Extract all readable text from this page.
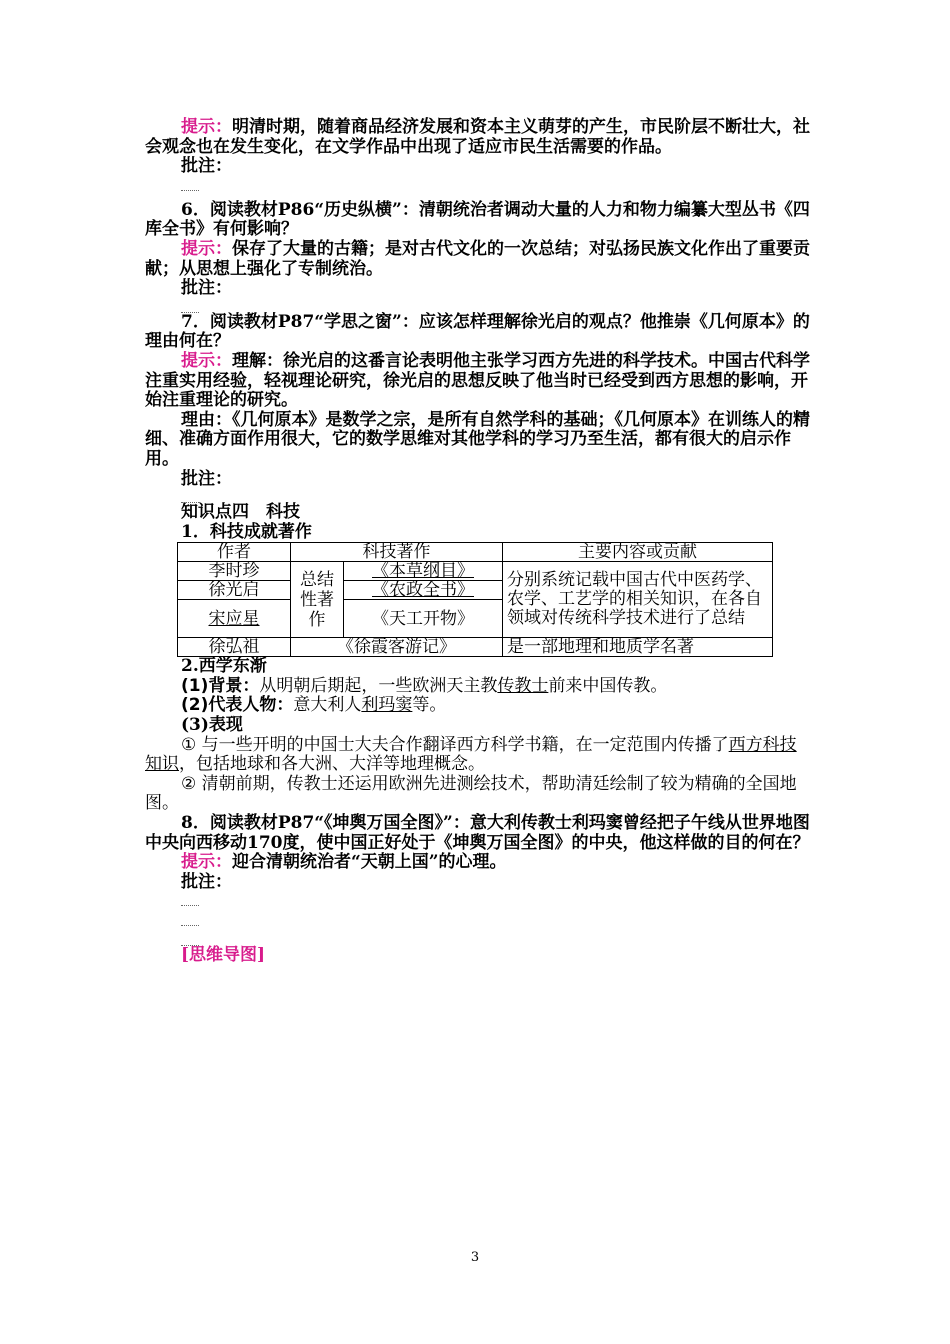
提示：明清时期，随着商品经济发展和资本主义萌芽的产生，市民阶层不断壮大，社会观念也在发生变化，在文学作品中出现了适应市民生活需要的作品。

批注：

6．阅读教材P86“历史纵横”：清朝统治者调动大量的人力和物力编纂大型丛书《四库全书》有何影响？

提示：保存了大量的古籍；是对古代文化的一次总结；对弘扬民族文化作出了重要贡献；从思想上强化了专制统治。

批注：

7．阅读教材P87“学思之窗”：应该怎样理解徐光启的观点？他推崇《几何原本》的理由何在？

提示：理解：徐光启的这番言论表明他主张学习西方先进的科学技术。中国古代科学注重实用经验，轻视理论研究，徐光启的思想反映了他当时已经受到西方思想的影响，开始注重理论的研究。

理由：《几何原本》是数学之宗，是所有自然学科的基础；《几何原本》在训练人的精细、准确方面作用很大，它的数学思维对其他学科的学习乃至生活，都有很大的启示作用。

批注：

知识点四　科技

1．科技成就著作

作者	科技著作		主要内容或贡献
李时珍	总结性著作	《本草纲目》	分别系统记载中国古代中医药学、农学、工艺学的相关知识，在各自领域对传统科学技术进行了总结
徐光启		《农政全书》	
宋应星		《天工开物》	
徐弘祖	《徐霞客游记》		是一部地理和地质学名著

2.西学东渐

(1)背景：从明朝后期起，一些欧洲天主教传教士前来中国传教。

(2)代表人物：意大利人利玛窦等。

(3)表现

① 与一些开明的中国士大夫合作翻译西方科学书籍，在一定范围内传播了西方科技知识，包括地球和各大洲、大洋等地理概念。

② 清朝前期，传教士还运用欧洲先进测绘技术，帮助清廷绘制了较为精确的全国地图。

8．阅读教材P87“《坤舆万国全图》”：意大利传教士利玛窦曾经把子午线从世界地图中央向西移动170度，使中国正好处于《坤舆万国全图》的中央，他这样做的目的何在？

提示：迎合清朝统治者“天朝上国”的心理。

批注：

[思维导图]

3
